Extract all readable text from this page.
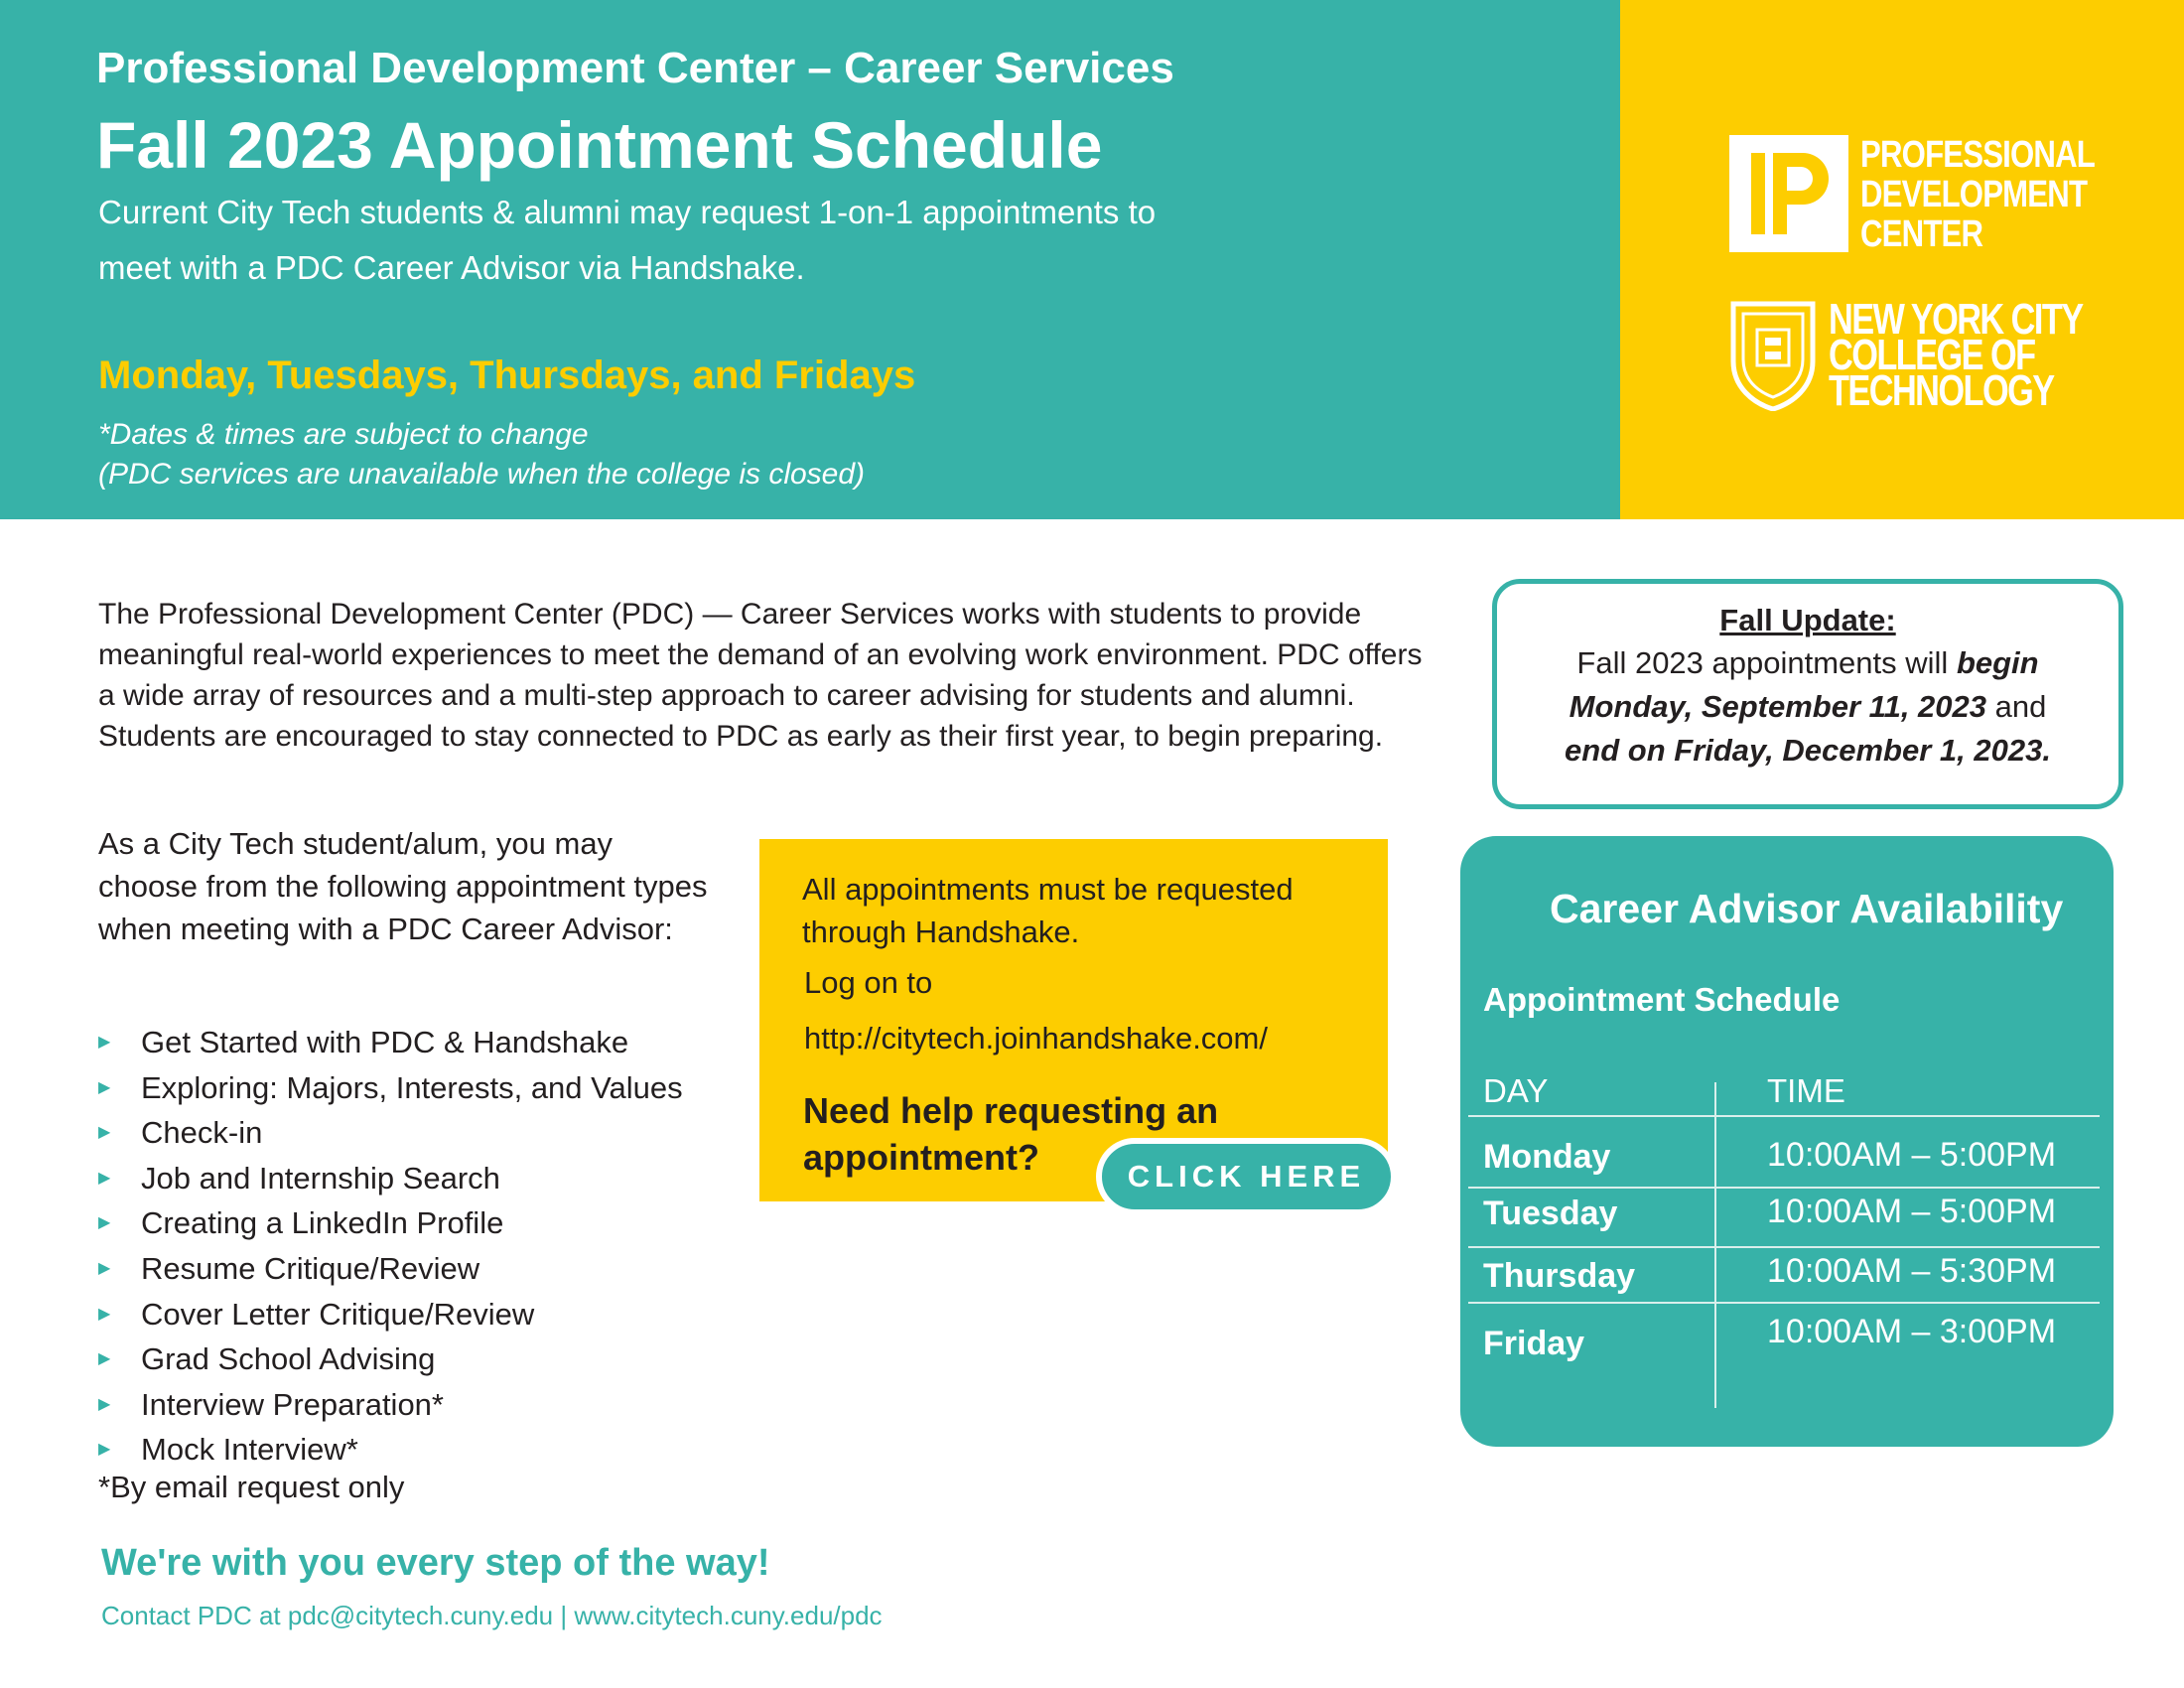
Professional Development Center – Career Services
Fall 2023 Appointment Schedule

Current City Tech students & alumni may request 1-on-1 appointments to meet with a PDC Career Advisor via Handshake.

Monday, Tuesdays, Thursdays, and Fridays
*Dates & times are subject to change
(PDC services are unavailable when the college is closed)
PROFESSIONAL
DEVELOPMENT
CENTER
NEW YORK CITY
COLLEGE OF
TECHNOLOGY

The Professional Development Center (PDC) — Career Services works with students to provide meaningful real-world experiences to meet the demand of an evolving work environment. PDC offers a wide array of resources and a multi-step approach to career advising for students and alumni. Students are encouraged to stay connected to PDC as early as their first year, to begin preparing.

As a City Tech student/alum, you may choose from the following appointment types when meeting with a PDC Career Advisor:

▶ Get Started with PDC & Handshake
▶ Exploring: Majors, Interests, and Values
▶ Check-in
▶ Job and Internship Search
▶ Creating a LinkedIn Profile
▶ Resume Critique/Review
▶ Cover Letter Critique/Review
▶ Grad School Advising
▶ Interview Preparation*
▶ Mock Interview*
*By email request only
We're with you every step of the way!
Contact PDC at pdc@citytech.cuny.edu | www.citytech.cuny.edu/pdc
All appointments must be requested through Handshake.
Log on to
http://citytech.joinhandshake.com/
Need help requesting an appointment?	CLICK HERE
Fall Update:
Fall 2023 appointments will begin
Monday, September 11, 2023 and
end on Friday, December 1, 2023.
Career Advisor Availability
Appointment Schedule
DAY	TIME
Monday	10:00AM – 5:00PM
Tuesday	10:00AM – 5:00PM
Thursday	10:00AM – 5:30PM
Friday	10:00AM – 3:00PM
